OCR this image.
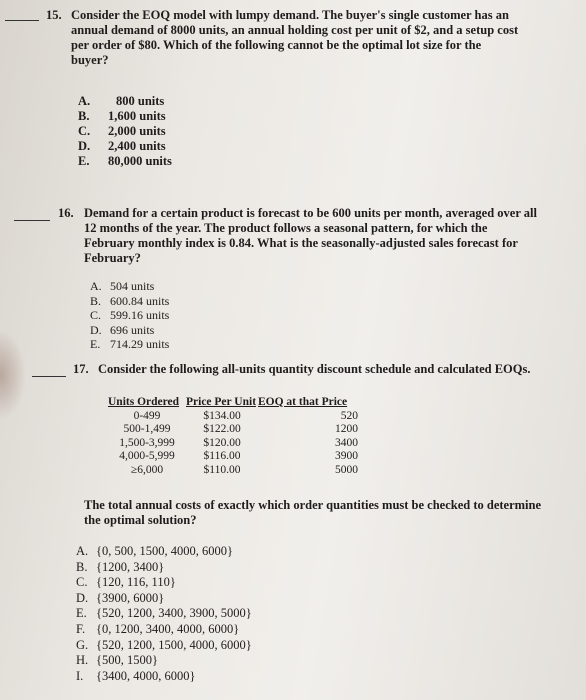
15. Consider the EOQ model with lumpy demand. The buyer's single customer has an
annual demand of 8000 units, an annual holding cost per unit of $2, and a setup cost
per order of $80. Which of the following cannot be the optimal lot size for the
buyer?
A.	800 units
B.	1,600 units
C.	2,000 units
D.	2,400 units
E.	80,000 units
16. Demand for a certain product is forecast to be 600 units per month, averaged over all
12 months of the year. The product follows a seasonal pattern, for which the
February monthly index is 0.84. What is the seasonally-adjusted sales forecast for
February?
A. 504 units
B. 600.84 units
C. 599.16 units
D. 696 units
E. 714.29 units
17. Consider the following all-units quantity discount schedule and calculated EOQs.
Units Ordered	Price Per Unit	EOQ at that Price
0-499	$134.00	520
500-1,499	$122.00	1200
1,500-3,999	$120.00	3400
4,000-5,999	$116.00	3900
≥6,000	$110.00	5000
The total annual costs of exactly which order quantities must be checked to determine
the optimal solution?
A. {0, 500, 1500, 4000, 6000}
B. {1200, 3400}
C. {120, 116, 110}
D. {3900, 6000}
E. {520, 1200, 3400, 3900, 5000}
F. {0, 1200, 3400, 4000, 6000}
G. {520, 1200, 1500, 4000, 6000}
H. {500, 1500}
I.	{3400, 4000, 6000}
